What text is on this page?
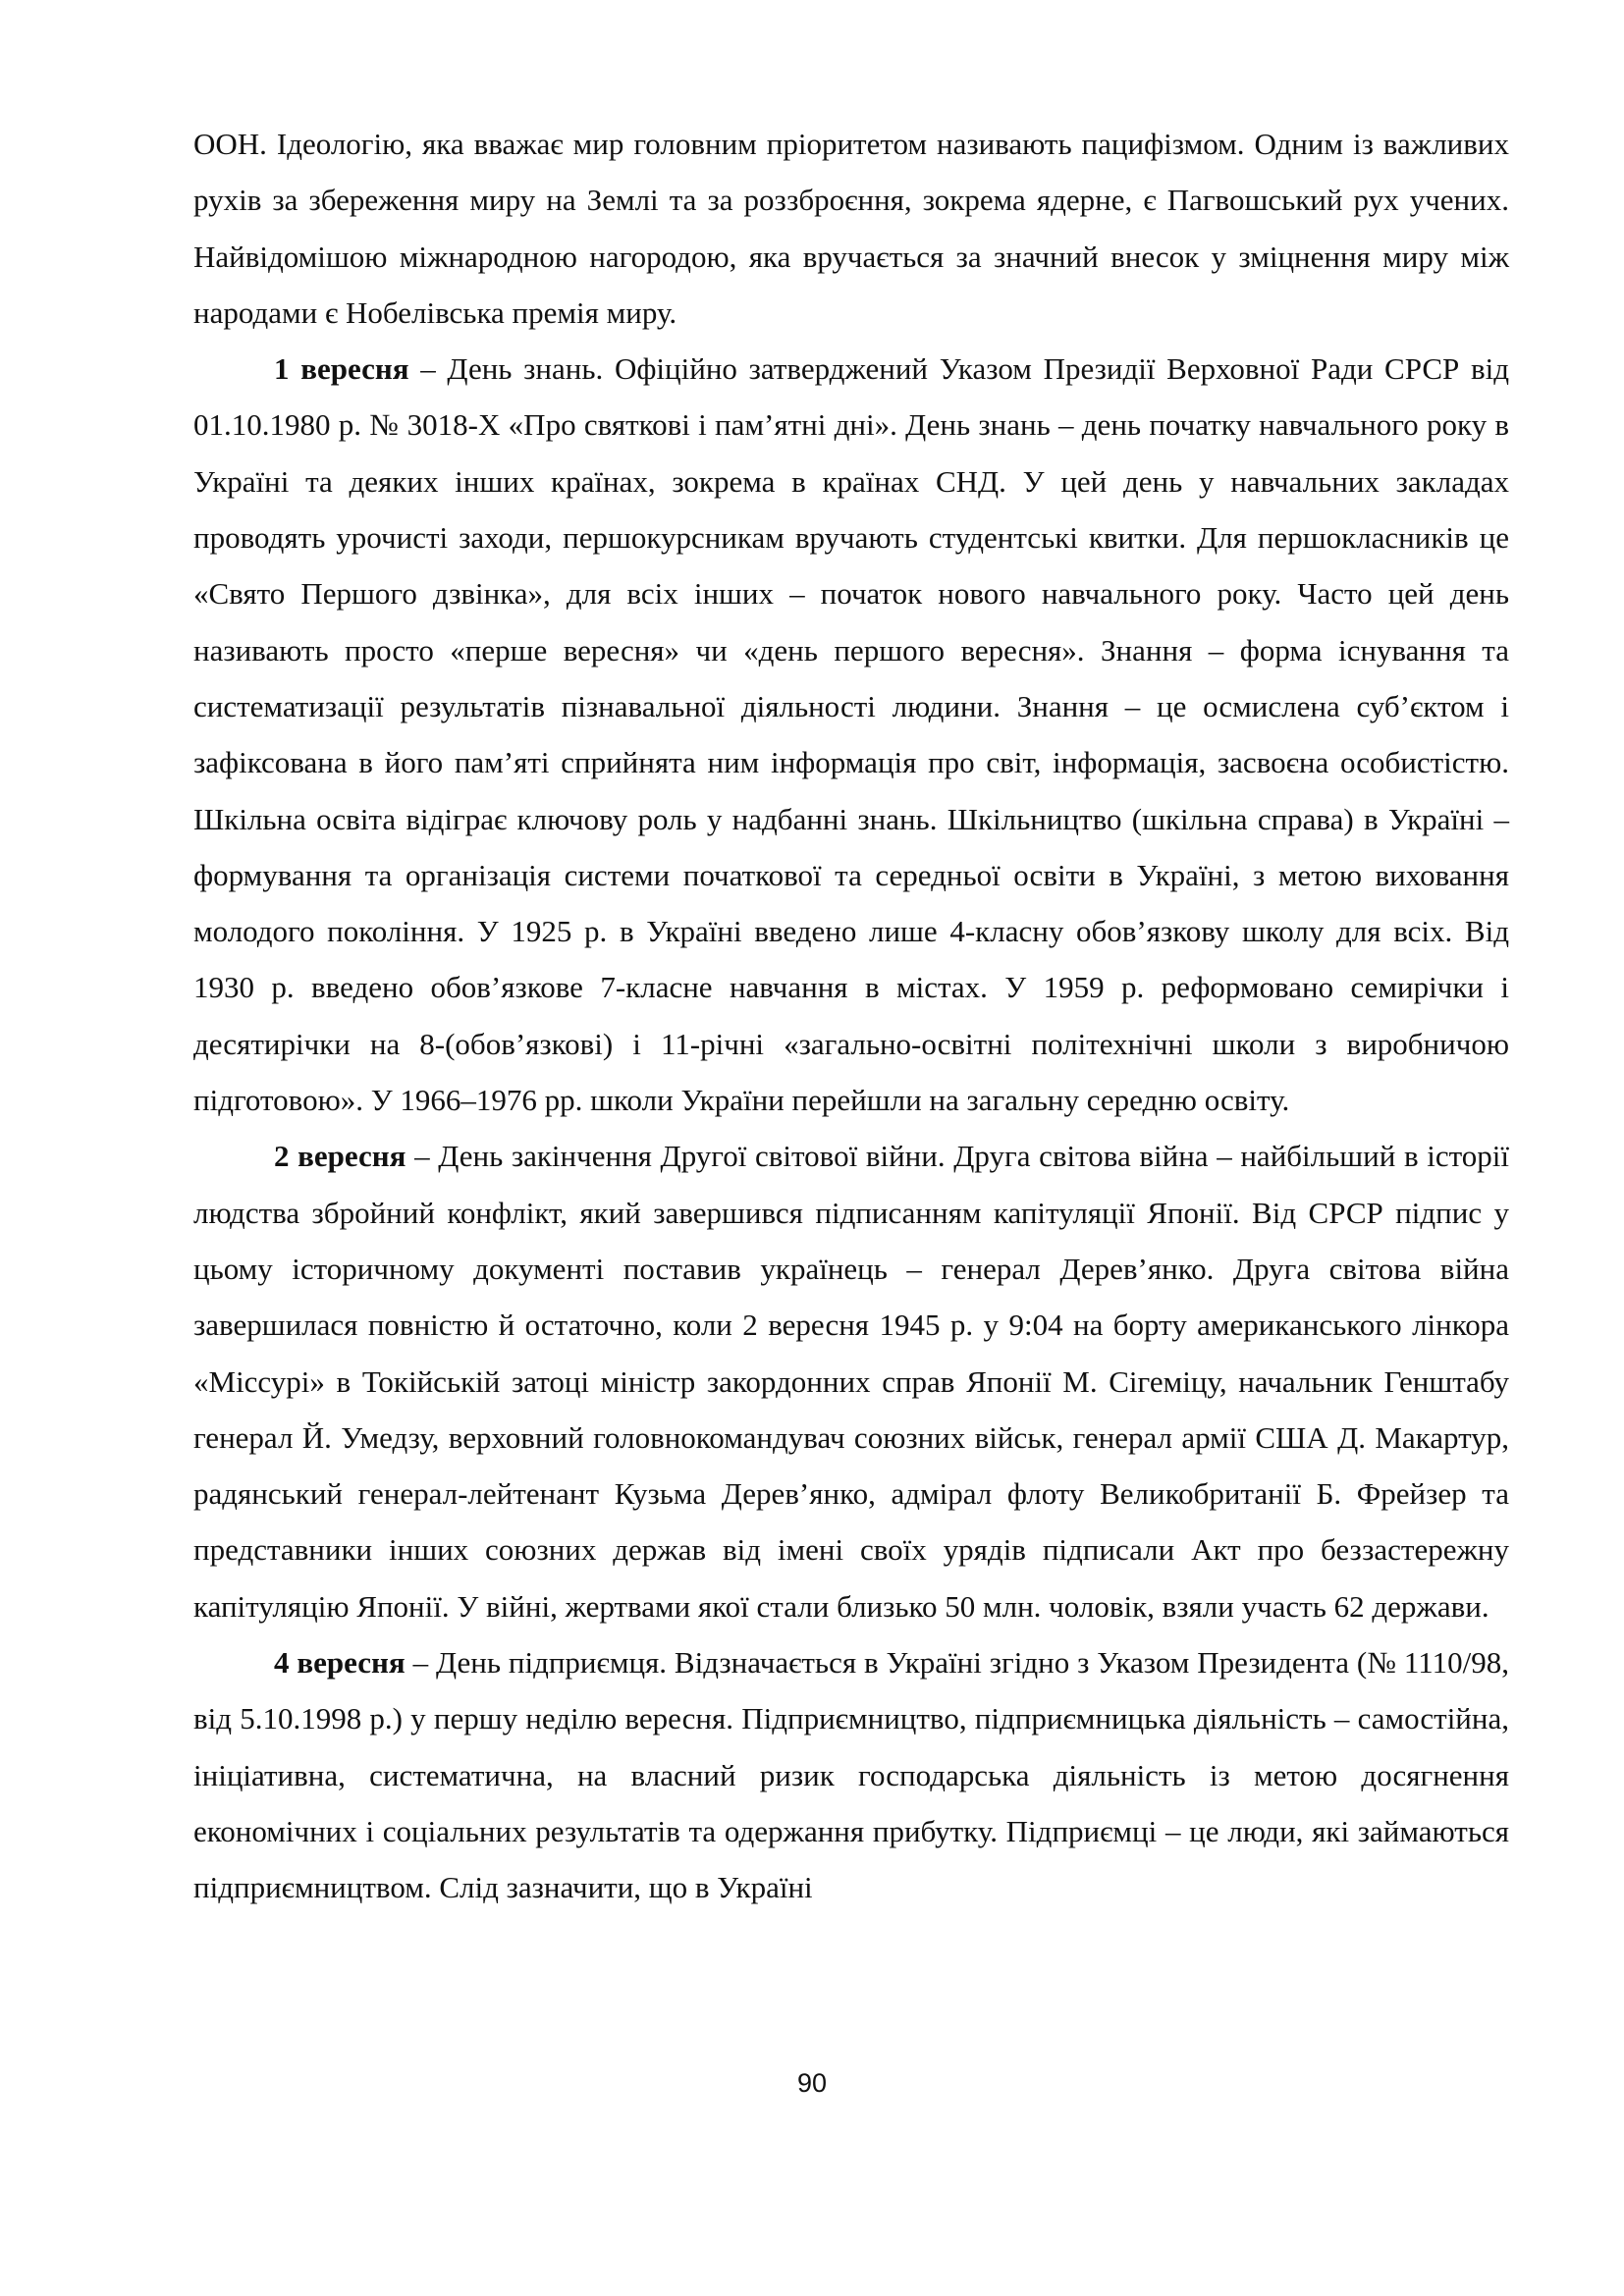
ООН. Ідеологію, яка вважає мир головним пріоритетом називають пацифізмом. Одним із важливих рухів за збереження миру на Землі та за роззброєння, зокрема ядерне, є Пагвошський рух учених. Найвідомішою міжнародною нагородою, яка вручається за значний внесок у зміцнення миру між народами є Нобелівська премія миру.

1 вересня – День знань. Офіційно затверджений Указом Президії Верховної Ради СРСР від 01.10.1980 р. № 3018-X «Про святкові і пам’ятні дні». День знань – день початку навчального року в Україні та деяких інших країнах, зокрема в країнах СНД. У цей день у навчальних закладах проводять урочисті заходи, першокурсникам вручають студентські квитки. Для першокласників це «Свято Першого дзвінка», для всіх інших – початок нового навчального року. Часто цей день називають просто «перше вересня» чи «день першого вересня». Знання – форма існування та систематизації результатів пізнавальної діяльності людини. Знання – це осмислена суб’єктом і зафіксована в його пам’яті сприйнята ним інформація про світ, інформація, засвоєна особистістю. Шкільна освіта відіграє ключову роль у надбанні знань. Шкільництво (шкільна справа) в Україні – формування та організація системи початкової та середньої освіти в Україні, з метою виховання молодого покоління. У 1925 р. в Україні введено лише 4-класну обов’язкову школу для всіх. Від 1930 р. введено обов’язкове 7-класне навчання в містах. У 1959 р. реформовано семирічки і десятирічки на 8-(обов’язкові) і 11-річні «загально-освітні політехнічні школи з виробничою підготовою». У 1966–1976 рр. школи України перейшли на загальну середню освіту.

2 вересня – День закінчення Другої світової війни. Друга світова війна – найбільший в історії людства збройний конфлікт, який завершився підписанням капітуляції Японії. Від СРСР підпис у цьому історичному документі поставив українець – генерал Дерев’янко. Друга світова війна завершилася повністю й остаточно, коли 2 вересня 1945 р. у 9:04 на борту американського лінкора «Міссурі» в Токійській затоці міністр закордонних справ Японії М. Сігеміцу, начальник Генштабу генерал Й. Умедзу, верховний головнокомандувач союзних військ, генерал армії США Д. Макартур, радянський генерал-лейтенант Кузьма Дерев’янко, адмірал флоту Великобританії Б. Фрейзер та представники інших союзних держав від імені своїх урядів підписали Акт про беззастережну капітуляцію Японії. У війні, жертвами якої стали близько 50 млн. чоловік, взяли участь 62 держави.

4 вересня – День підприємця. Відзначається в Україні згідно з Указом Президента (№ 1110/98, від 5.10.1998 р.) у першу неділю вересня. Підприємництво, підприємницька діяльність – самостійна, ініціативна, систематична, на власний ризик господарська діяльність із метою досягнення економічних і соціальних результатів та одержання прибутку. Підприємці – це люди, які займаються підприємництвом. Слід зазначити, що в Україні

90
